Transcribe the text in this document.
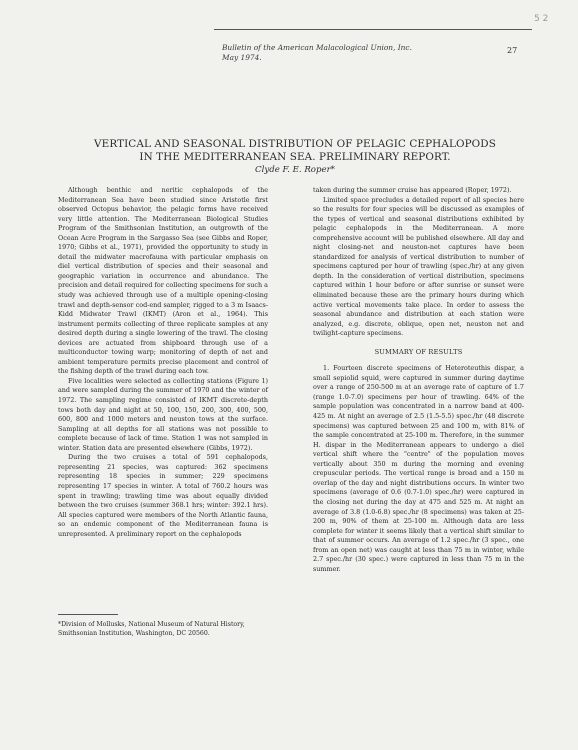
5 2
Bulletin of the American Malacological Union, Inc.
May 1974.
27
VERTICAL AND SEASONAL DISTRIBUTION OF PELAGIC CEPHALOPODS
IN THE MEDITERRANEAN SEA. PRELIMINARY REPORT.
Clyde F. E. Roper*

Although benthic and neritic cephalopods of the Mediterranean Sea have been studied since Aristotle first observed Octopus behavior, the pelagic forms have received very little attention. The Mediterranean Biological Studies Program of the Smithsonian Institution, an outgrowth of the Ocean Acre Program in the Sargasso Sea (see Gibbs and Roper, 1970; Gibbs et al., 1971), provided the opportunity to study in detail the midwater macrofauna with particular emphasis on diel vertical distribution of species and their seasonal and geographic variation in occurrence and abundance. The precision and detail required for collecting specimens for such a study was achieved through use of a multiple opening-closing trawl and depth-sensor cod-end sampler, rigged to a 3 m Isaacs-Kidd Midwater Trawl (IKMT) (Aron et al., 1964). This instrument permits collecting of three replicate samples at any desired depth during a single lowering of the trawl. The closing devices are actuated from shipboard through use of a multiconductor towing warp; monitoring of depth of net and ambient temperature permits precise placement and control of the fishing depth of the trawl during each tow.

Five localities were selected as collecting stations (Figure 1) and were sampled during the summer of 1970 and the winter of 1972. The sampling regime consisted of IKMT discrete-depth tows both day and night at 50, 100, 150, 200, 300, 400, 500, 600, 800 and 1000 meters and neuston tows at the surface. Sampling at all depths for all stations was not possible to complete because of lack of time. Station 1 was not sampled in winter. Station data are presented elsewhere (Gibbs, 1972).

During the two cruises a total of 591 cephalopods, representing 21 species, was captured: 362 specimens representing 18 species in summer; 229 specimens representing 17 species in winter. A total of 760.2 hours was spent in trawling; trawling time was about equally divided between the two cruises (summer 368.1 hrs; winter: 392.1 hrs). All species captured were members of the North Atlantic fauna, so an endemic component of the Mediterranean fauna is unrepresented. A preliminary report on the cephalopods

taken during the summer cruise has appeared (Roper, 1972).

Limited space precludes a detailed report of all species here so the results for four species will be discussed as examples of the types of vertical and seasonal distributions exhibited by pelagic cephalopods in the Mediterranean. A more comprehensive account will be published elsewhere. All day and night closing-net and neuston-net captures have been standardized for analysis of vertical distribution to number of specimens captured per hour of trawling (spec./hr) at any given depth. In the consideration of vertical distribution, specimens captured within 1 hour before or after sunrise or sunset were eliminated because these are the primary hours during which active vertical movements take place. In order to assess the seasonal abundance and distribution at each station were analyzed, e.g. discrete, oblique, open net, neuston net and twilight-capture specimens.

SUMMARY OF RESULTS

1. Fourteen discrete specimens of Heteroteuthis dispar, a small sepiolid squid, were captured in summer during daytime over a range of 250-500 m at an average rate of capture of 1.7 (range 1.0-7.0) specimens per hour of trawling. 64% of the sample population was concentrated in a narrow band at 400-425 m. At night an average of 2.5 (1.5-5.5) spec./hr (48 discrete specimens) was captured between 25 and 100 m, with 81% of the sample concentrated at 25-100 m. Therefore, in the summer H. dispar in the Mediterranean appears to undergo a diel vertical shift where the "centre" of the population moves vertically about 350 m during the morning and evening crepuscular periods. The vertical range is broad and a 150 m overlap of the day and night distributions occurs. In winter two specimens (average of 0.6 (0.7-1.0) spec./hr) were captured in the closing net during the day at 475 and 525 m. At night an average of 3.8 (1.0-6.8) spec./hr (8 specimens) was taken at 25-200 m, 90% of them at 25-100 m. Although data are less complete for winter it seems likely that a vertical shift similar to that of summer occurs. An average of 1.2 spec./hr (3 spec., one from an open net) was caught at less than 75 m in winter, while 2.7 spec./hr (30 spec.) were captured in less than 75 m in the summer.

*Division of Mollusks, National Museum of Natural History, Smithsonian Institution, Washington, DC 20560.
